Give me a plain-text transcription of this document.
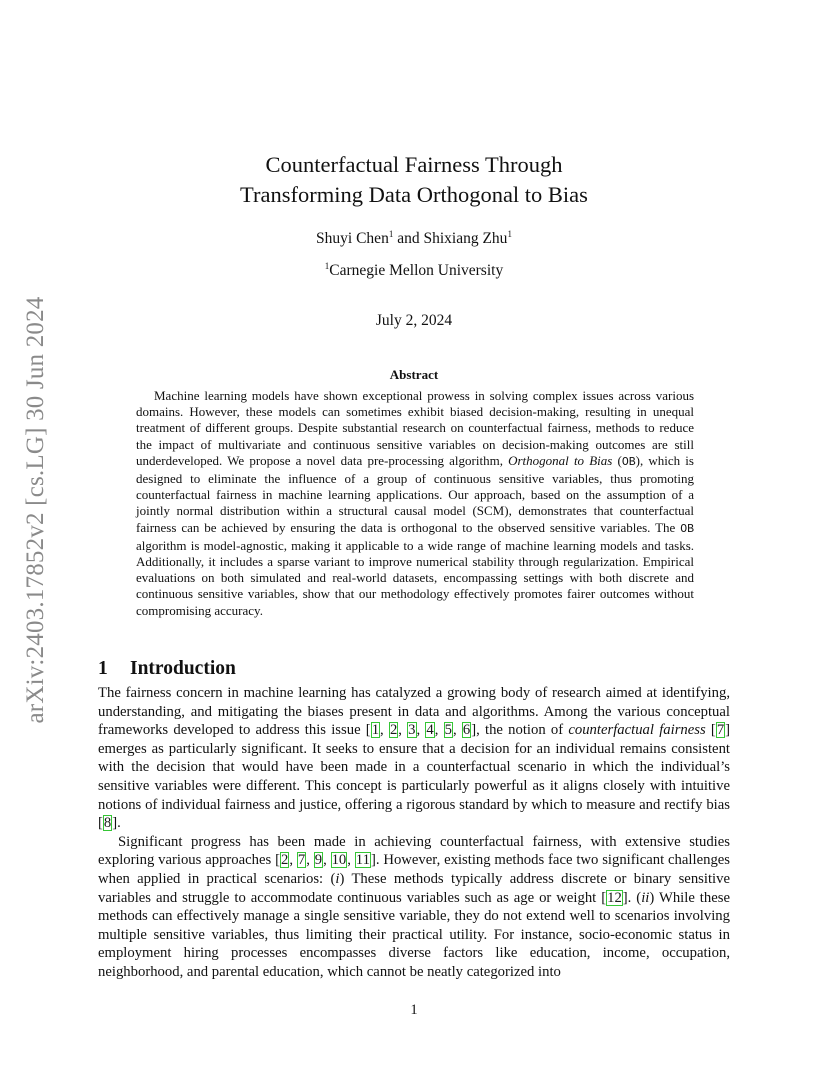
arXiv:2403.17852v2 [cs.LG] 30 Jun 2024
Counterfactual Fairness Through
Transforming Data Orthogonal to Bias
Shuyi Chen$^1$ and Shixiang Zhu$^1$
$^1$Carnegie Mellon University
July 2, 2024
Abstract

Machine learning models have shown exceptional prowess in solving complex issues across various domains. However, these models can sometimes exhibit biased decision-making, resulting in unequal treatment of different groups. Despite substantial research on counterfactual fairness, methods to reduce the impact of multivariate and continuous sensitive variables on decision-making outcomes are still underdeveloped. We propose a novel data pre-processing algorithm, Orthogonal to Bias (OB), which is designed to eliminate the influence of a group of continuous sensitive variables, thus promoting counterfactual fairness in machine learning applications. Our approach, based on the assumption of a jointly normal distribution within a structural causal model (SCM), demonstrates that counterfactual fairness can be achieved by ensuring the data is orthogonal to the observed sensitive variables. The OB algorithm is model-agnostic, making it applicable to a wide range of machine learning models and tasks. Additionally, it includes a sparse variant to improve numerical stability through regularization. Empirical evaluations on both simulated and real-world datasets, encompassing settings with both discrete and continuous sensitive variables, show that our methodology effectively promotes fairer outcomes without compromising accuracy.

1 Introduction

The fairness concern in machine learning has catalyzed a growing body of research aimed at identifying, understanding, and mitigating the biases present in data and algorithms. Among the various conceptual frameworks developed to address this issue [1, 2, 3, 4, 5, 6], the notion of counterfactual fairness [7] emerges as particularly significant. It seeks to ensure that a decision for an individual remains consistent with the decision that would have been made in a counterfactual scenario in which the individual’s sensitive variables were different. This concept is particularly powerful as it aligns closely with intuitive notions of individual fairness and justice, offering a rigorous standard by which to measure and rectify bias [8].

Significant progress has been made in achieving counterfactual fairness, with extensive studies exploring various approaches [2, 7, 9, 10, 11]. However, existing methods face two significant challenges when applied in practical scenarios: (i) These methods typically address discrete or binary sensitive variables and struggle to accommodate continuous variables such as age or weight [12]. (ii) While these methods can effectively manage a single sensitive variable, they do not extend well to scenarios involving multiple sensitive variables, thus limiting their practical utility. For instance, socio-economic status in employment hiring processes encompasses diverse factors like education, income, occupation, neighborhood, and parental education, which cannot be neatly categorized into

1
